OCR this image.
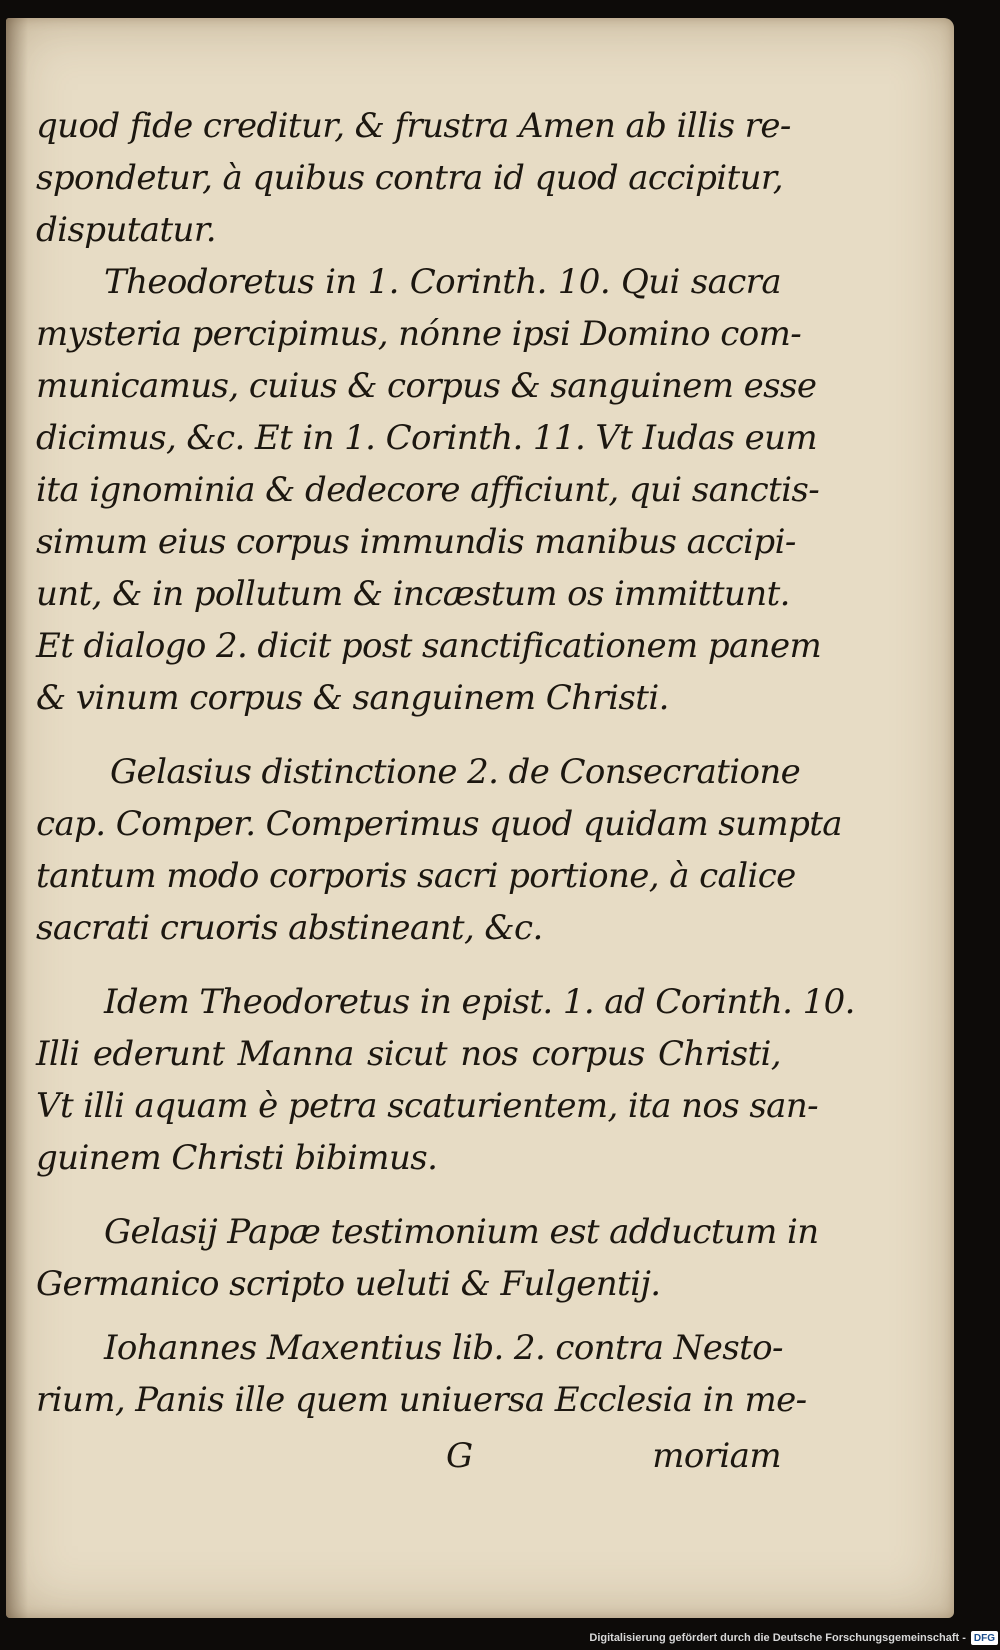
quod fide creditur, & frustra Amen ab illis re-
spondetur, à quibus contra id quod accipitur,
disputatur.
Theodoretus in 1. Corinth. 10. Qui sacra
mysteria percipimus, nónne ipsi Domino com-
municamus, cuius & corpus & sanguinem esse
dicimus, &c. Et in 1. Corinth. 11. Vt Iudas eum
ita ignominia & dedecore afficiunt, qui sanctis-
simum eius corpus immundis manibus accipi-
unt, & in pollutum & incæstum os immittunt.
Et dialogo 2. dicit post sanctificationem panem
& vinum corpus & sanguinem Christi.
Gelasius distinctione 2. de Consecratione
cap. Comper. Comperimus quod quidam sumpta
tantum modo corporis sacri portione, à calice
sacrati cruoris abstineant, &c.
Idem Theodoretus in epist. 1. ad Corinth. 10.
Illi ederunt Manna sicut nos corpus Christi,
Vt illi aquam è petra scaturientem, ita nos san-
guinem Christi bibimus.
Gelasij Papæ testimonium est adductum in
Germanico scripto ueluti & Fulgentij.
Iohannes Maxentius lib. 2. contra Nesto-
rium, Panis ille quem uniuersa Ecclesia in me-
G	moriam
Digitalisierung gefördert durch die Deutsche Forschungsgemeinschaft - DFG
